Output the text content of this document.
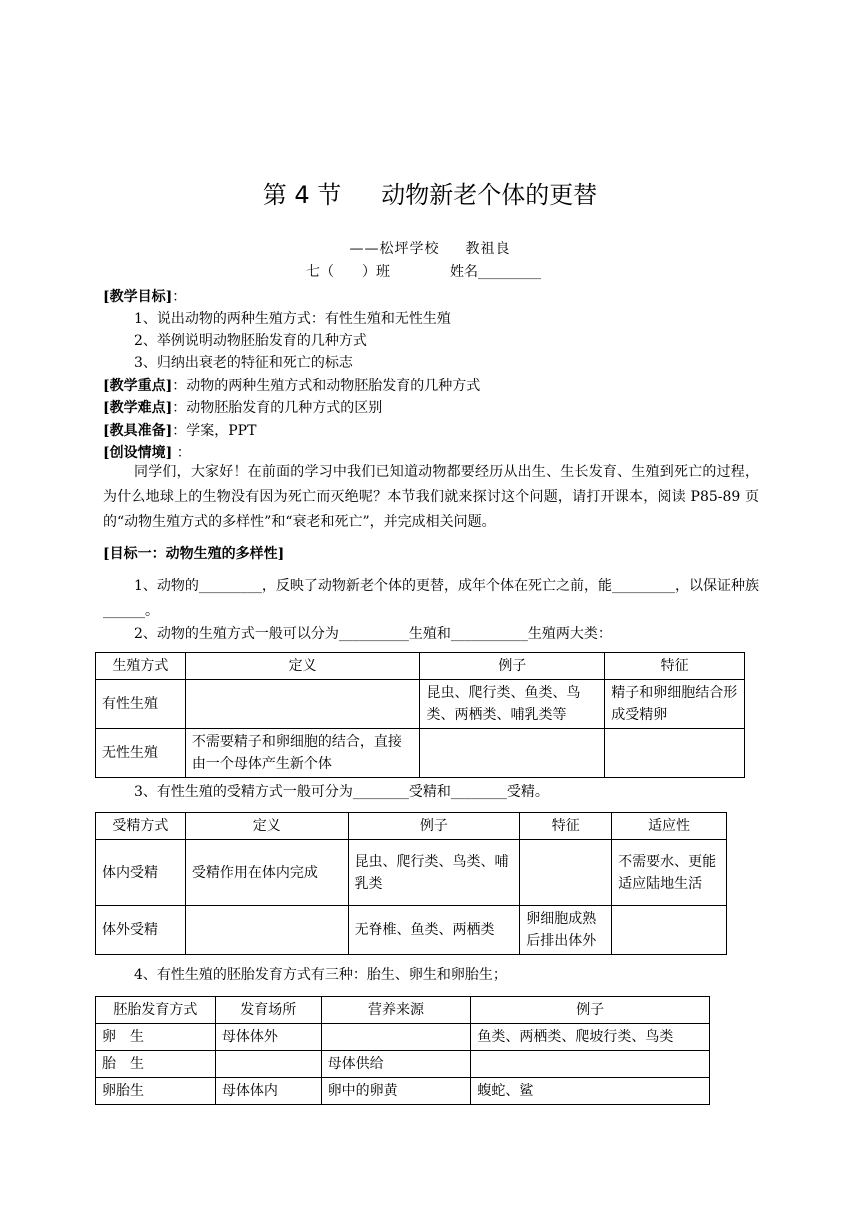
第 4 节 动物新老个体的更替
——松坪学校 教祖良
七（　　）班	姓名_________
[教学目标]：
1、说出动物的两种生殖方式：有性生殖和无性生殖
2、举例说明动物胚胎发育的几种方式
3、归纳出衰老的特征和死亡的标志
[教学重点]：动物的两种生殖方式和动物胚胎发育的几种方式
[教学难点]：动物胚胎发育的几种方式的区别
[教具准备]：学案，PPT
[创设情境] ：
同学们，大家好！在前面的学习中我们已知道动物都要经历从出生、生长发育、生殖到死亡的过程，为什么地球上的生物没有因为死亡而灭绝呢？本节我们就来探讨这个问题，请打开课本，阅读 P85-89 页的“动物生殖方式的多样性”和“衰老和死亡”，并完成相关问题。
[目标一：动物生殖的多样性]
1、动物的_________，反映了动物新老个体的更替，成年个体在死亡之前，能_________，以保证种族______。
2、动物的生殖方式一般可以分为__________生殖和___________生殖两大类：
生殖方式	定义	例子	特征
有性生殖		昆虫、爬行类、鱼类、鸟类、两栖类、哺乳类等	精子和卵细胞结合形成受精卵
无性生殖	不需要精子和卵细胞的结合，直接由一个母体产生新个体		
3、有性生殖的受精方式一般可分为________受精和________受精。
受精方式	定义	例子	特征	适应性
体内受精	受精作用在体内完成	昆虫、爬行类、鸟类、哺乳类		不需要水、更能适应陆地生活
体外受精		无脊椎、鱼类、两栖类	卵细胞成熟后排出体外	
4、有性生殖的胚胎发育方式有三种：胎生、卵生和卵胎生；
胚胎发育方式	发育场所	营养来源	例子
卵　生	母体体外		鱼类、两栖类、爬坡行类、鸟类
胎　生		母体供给	
卵胎生	母体体内	卵中的卵黄	蝮蛇、鲨
